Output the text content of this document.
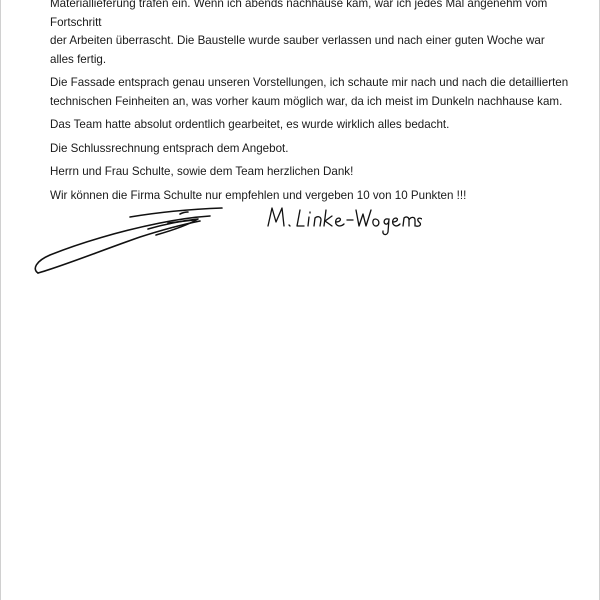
Materiallieferung trafen ein. Wenn ich abends nachhause kam, war ich jedes Mal angenehm vom Fortschritt
der Arbeiten überrascht. Die Baustelle wurde sauber verlassen und nach einer guten Woche war alles fertig.

Die Fassade entsprach genau unseren Vorstellungen, ich schaute mir nach und nach die detaillierten
technischen Feinheiten an, was vorher kaum möglich war, da ich meist im Dunkeln nachhause kam.

Das Team hatte absolut ordentlich gearbeitet, es wurde wirklich alles bedacht.

Die Schlussrechnung entsprach dem Angebot.

Herrn und Frau Schulte, sowie dem Team herzlichen Dank!

Wir können die Firma Schulte nur empfehlen und vergeben 10 von 10 Punkten !!!
